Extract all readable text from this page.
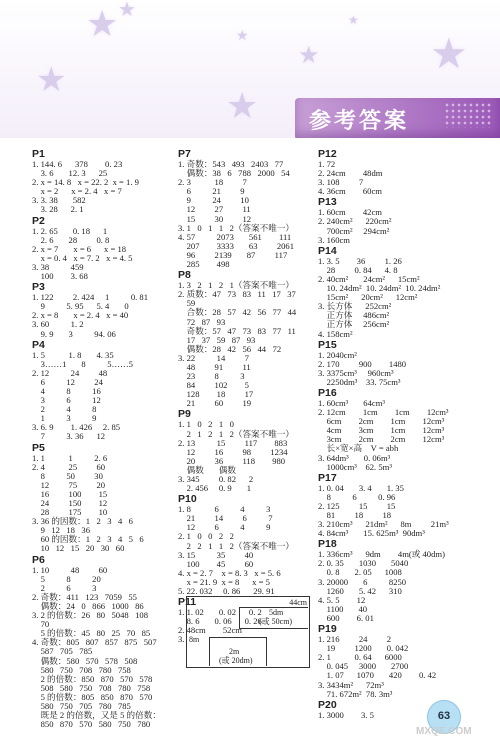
★ ★
★
★
★
★
★
★
参考答案
P1
1. 144. 6      378        0. 23
3. 6       12. 3      25
2. x = 14. 8   x = 22. 2  x = 1. 9
x = 2      x = 2. 4   x = 7
3. 3. 38       582
3. 28      2. 1
P2
1. 2. 65       0. 18      1
2. 6       28         0. 8
2. x = 7       x = 6      x = 18
x = 0. 4   x = 7. 2   x = 4. 5
3. 38          459
100        3. 68
P3
1. 122         2. 424     1          0. 81
9          5. 95      5. 4       0
2. x = 8       x = 2. 4   x = 40
3. 60          1. 2
9. 9       3          94. 06
P4
1. 5           1. 8       4. 35
3……1       8          5……5
2. 12          24         48
6          12         24
4          8          16
3          6          12
2          4          8
1          3          9
3. 6. 9        1. 426     2. 85
7          3. 36      12
P5
1. 1           1          2. 6
2. 4           25         60
8          50         30
12         75         20
16         100        15
24         150        12
28         175        10
3. 36 的因数：1   2   3   4   6
9   12   18   36
60 的因数：1   2   3   4   5   6
10   12   15   20   30   60
P6
1. 10          48         60
5          8          20
2          6          3
2. 奇数：411   123   7059   55
偶数：24   0   866   1000   86
3. 2 的倍数：26   80   5048   108
70
5 的倍数：45   80   25   70   85
4. 奇数：805   807   857   875   507
587   705   785
偶数：580   570   578   508
580   750   708   780   758
2 的倍数：850   870   570   578
508   580   750   708   780   758
5 的倍数：805   850   870   570
580   750   705   780   785
既是 2 的倍数，又是 5 的倍数：
850   870   570   580   750   780
P7
1. 奇数：543   493   2403   77
偶数：38   6   788   2000   54
2. 3           18         7
6          21         9
9          24         10
12         27         11
15         30         12
3. 1   0   1   1   2（答案不唯一）
4. 57          2073       561        111
207        3333       63         2061
96         2139       87         117
285        498
P8
1. 3   2   1   2   1（答案不唯一）
2. 质数：47   73   83   11   17   37
59
合数：28   57   42   56   77   44
72   87   93
奇数：57   47   73   83   77   11
17   37   59   87   93
偶数：28   42   56   44   72
3. 22          14         7
48         91         11
23         8          3
84         102        5
128        18         17
21         60         19
P9
1. 1   0   2   1   0
2   1   2   1   2（答案不唯一）
2. 13          15         117        883
12         16         98         1234
20         36         118        980
偶数       偶数
3. 345         0. 82      2
2. 456     0. 9       1
P10
1. 8           6          4          3
21         14         6          7
12         6          4          9
2. 1   0   0   2   2
2   2   1   1   2（答案不唯一）
3. 15          35         40
100        45         60
4. x = 2. 7    x = 8. 3   x = 5. 6
x = 21. 9  x = 8      x = 5
5. 22. 032     0. 86      29. 91
P11
1. 1. 02       0. 02      0. 2
8. 6       0. 06      0. 26
2. 48cm        52cm
3.
P12
1. 72
2. 24cm        48dm
3. 108         7
4. 36cm        60cm
P13
1. 60cm        42cm
2. 240cm²      220cm²
700cm²     294cm²
3. 160cm
P14
1. 3. 5        36         1. 26
28         0. 84      4. 8
2. 40cm²       24cm²      15cm²
10. 24dm²  10. 24dm²  10. 24dm²
15cm²      20cm²      12cm²
3. 长方体      252cm²
正方体     486cm²
正方体     256cm²
4. 158cm²
P15
1. 2040cm²
2. 170         900        1480
3. 3375cm³     960cm³
2250dm³    33. 75cm³
P16
1. 60cm³       64cm³
2. 12cm        1cm        1cm        12cm³
6cm        2cm        1cm        12cm³
4cm        3cm        1cm        12cm³
3cm        2cm        2cm        12cm³
长×宽×高    V = abh
3. 64dm³       0. 06m³
1000cm³    62. 5m³
P17
1. 0. 04       3. 4       1. 35
8          6          0. 96
2. 125         15         15
81         18         18
3. 210cm³      21dm²      8m         21m³
4. 84cm³       15. 625m³  90dm³
P18
1. 336cm³      9dm        4m(或 40dm)
2. 0. 35       1030       5040
0. 8       2. 05      1008
3. 20000       6          8250
1260       5. 42      310
4. 5. 5        12
1100       40
600        6. 01
P19
1. 216         24         2
19         1200       0. 042
2. 1           0. 64      6000
0. 045     3000       2700
1. 07      1070       420        0. 42
3. 3434m²      72m³
71. 672m²  78. 3m³
P20
1. 3000        3. 5
44cm
5dm
(或 50cm)
8m
2m
(或 20dm)
63
MXQE.COM
